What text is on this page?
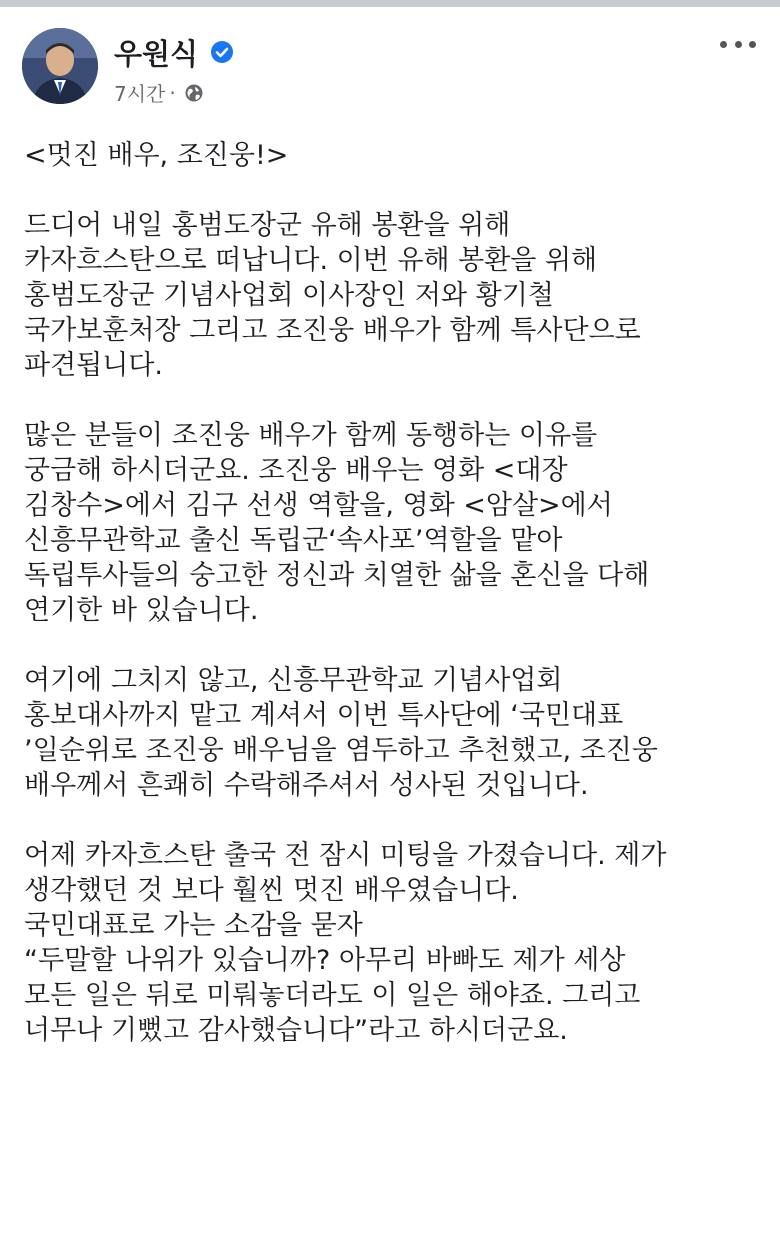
우원식
7시간 ·

<멋진 배우, 조진웅!>

드디어 내일 홍범도장군 유해 봉환을 위해
카자흐스탄으로 떠납니다. 이번 유해 봉환을 위해
홍범도장군 기념사업회 이사장인 저와 황기철
국가보훈처장 그리고 조진웅 배우가 함께 특사단으로
파견됩니다.

많은 분들이 조진웅 배우가 함께 동행하는 이유를
궁금해 하시더군요. 조진웅 배우는 영화 <대장
김창수>에서 김구 선생 역할을, 영화 <암살>에서
신흥무관학교 출신 독립군‘속사포’역할을 맡아
독립투사들의 숭고한 정신과 치열한 삶을 혼신을 다해
연기한 바 있습니다.

여기에 그치지 않고, 신흥무관학교 기념사업회
홍보대사까지 맡고 계셔서 이번 특사단에 ‘국민대표
’일순위로 조진웅 배우님을 염두하고 추천했고, 조진웅
배우께서 흔쾌히 수락해주셔서 성사된 것입니다.

어제 카자흐스탄 출국 전 잠시 미팅을 가졌습니다. 제가
생각했던 것 보다 훨씬 멋진 배우였습니다.
국민대표로 가는 소감을 묻자
“두말할 나위가 있습니까? 아무리 바빠도 제가 세상
모든 일은 뒤로 미뤄놓더라도 이 일은 해야죠. 그리고
너무나 기뻤고 감사했습니다”라고 하시더군요.
